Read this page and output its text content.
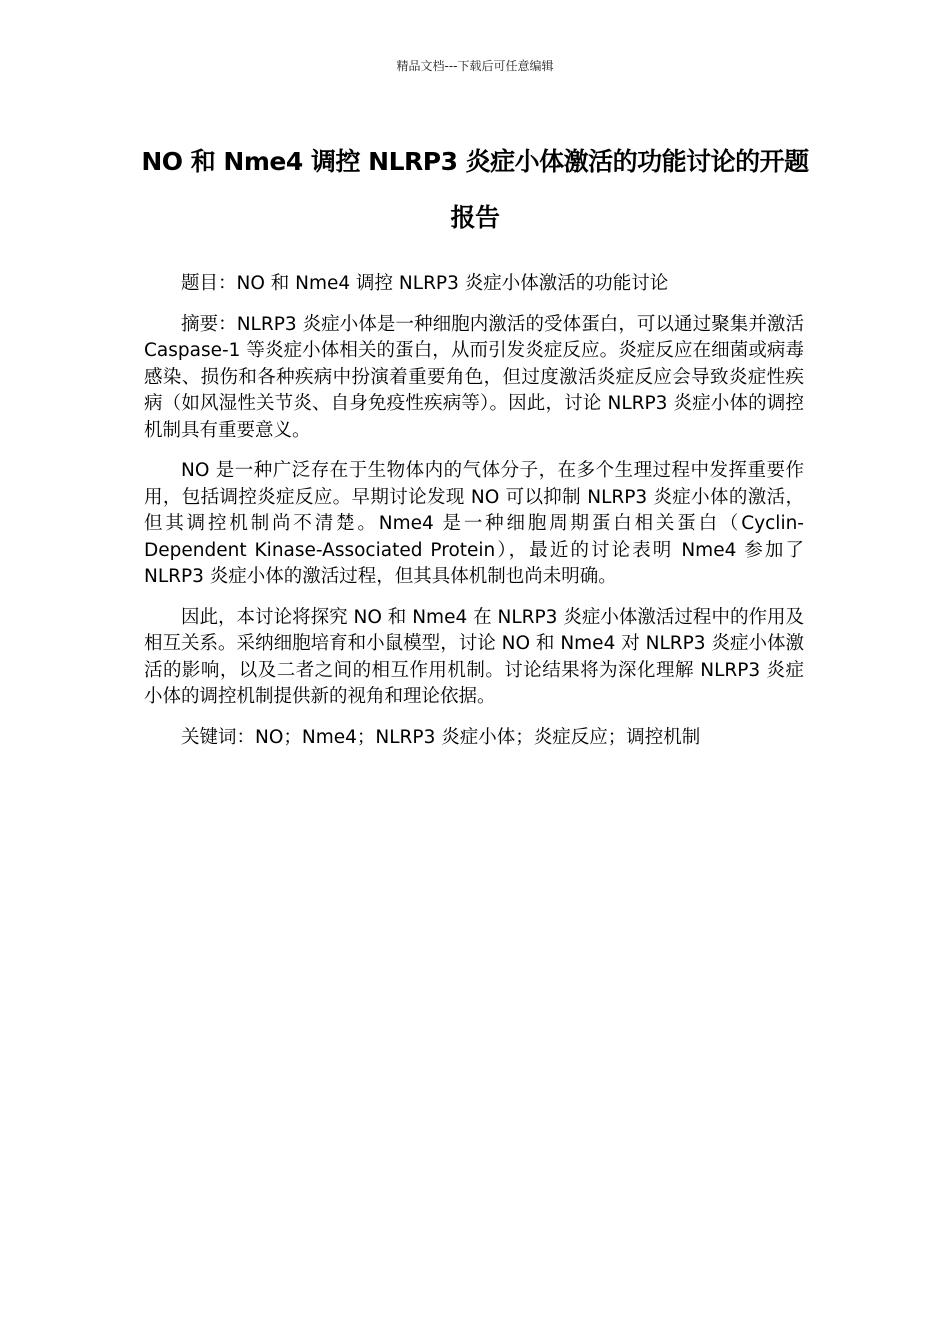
精品文档---下载后可任意编辑
NO 和 Nme4 调控 NLRP3 炎症小体激活的功能讨论的开题报告

题目：NO 和 Nme4 调控 NLRP3 炎症小体激活的功能讨论

摘要：NLRP3 炎症小体是一种细胞内激活的受体蛋白，可以通过聚集并激活 Caspase-1 等炎症小体相关的蛋白，从而引发炎症反应。炎症反应在细菌或病毒感染、损伤和各种疾病中扮演着重要角色，但过度激活炎症反应会导致炎症性疾病（如风湿性关节炎、自身免疫性疾病等）。因此，讨论 NLRP3 炎症小体的调控机制具有重要意义。

NO 是一种广泛存在于生物体内的气体分子，在多个生理过程中发挥重要作用，包括调控炎症反应。早期讨论发现 NO 可以抑制 NLRP3 炎症小体的激活，但其调控机制尚不清楚。Nme4 是一种细胞周期蛋白相关蛋白（Cyclin-Dependent Kinase-Associated Protein），最近的讨论表明 Nme4 参加了 NLRP3 炎症小体的激活过程，但其具体机制也尚未明确。

因此，本讨论将探究 NO 和 Nme4 在 NLRP3 炎症小体激活过程中的作用及相互关系。采纳细胞培育和小鼠模型，讨论 NO 和 Nme4 对 NLRP3 炎症小体激活的影响，以及二者之间的相互作用机制。讨论结果将为深化理解 NLRP3 炎症小体的调控机制提供新的视角和理论依据。

关键词：NO；Nme4；NLRP3 炎症小体；炎症反应；调控机制
